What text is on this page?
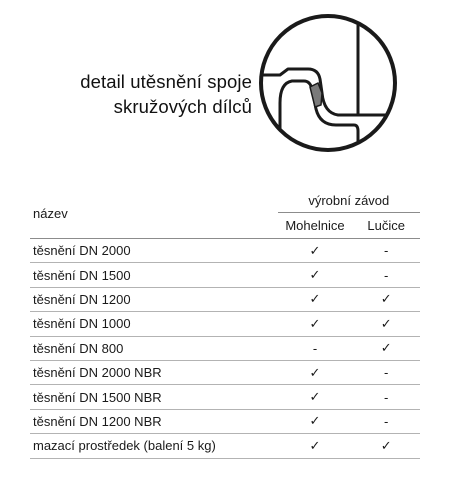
detail utěsnění spoje
skružových dílců
název	výrobní závod	
	Mohelnice	Lučice
těsnění DN 2000	✓	-
těsnění DN 1500	✓	-
těsnění DN 1200	✓	✓
těsnění DN 1000	✓	✓
těsnění DN 800	-	✓
těsnění DN 2000 NBR	✓	-
těsnění DN 1500 NBR	✓	-
těsnění DN 1200 NBR	✓	-
mazací prostředek (balení 5 kg)	✓	✓
